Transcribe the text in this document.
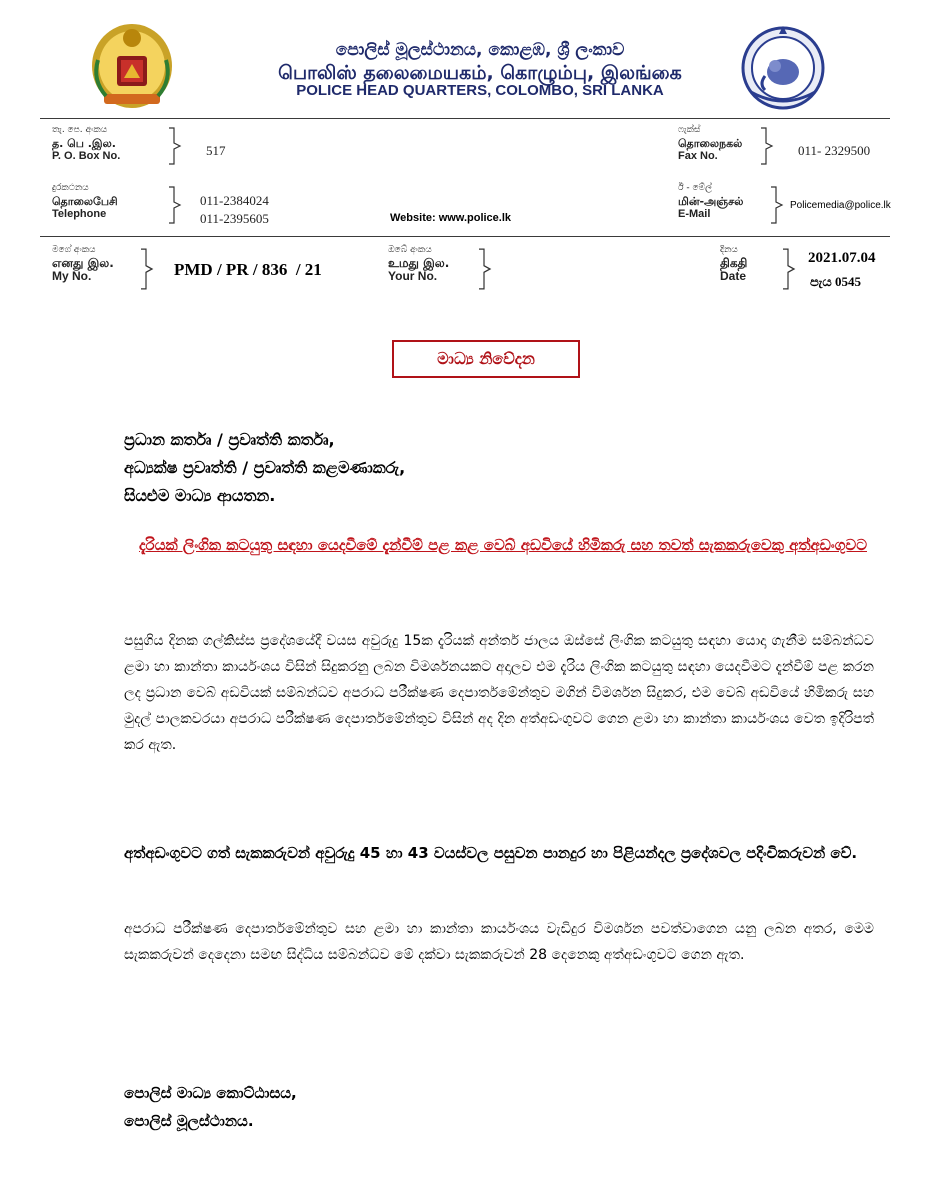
පොලිස් මූලස්ථානය, කොළඹ, ශ්‍රී ලංකාව
பொலிஸ் தலைமையகம், கொழும்பு, இலங்கை
POLICE HEAD QUARTERS, COLOMBO, SRI LANKA
තැ. පෙ. අංකය
த. பெ .இல.
P. O. Box No.	517
ෆැක්ස්
தொலைநகல்
Fax No.	011- 2329500
දුරකථනය
தொலைபேசி
Telephone
011-2384024
011-2395605	Website: www.police.lk
ඊ - මේල්
மின்-அஞ்சல்
E-Mail
Policemedia@police.lk
මගේ අංකය
எனது இல.
My No.	PMD / PR / 836  / 21
ඔබේ අංකය
உமது இல.
Your No.
දිනය
திகதி
Date
2021.07.04
පැය 0545
මාධ්‍ය නිවේදන
ප්‍රධාන කර්තෘ / ප්‍රවෘත්ති කර්තෘ,
අධ්‍යක්ෂ ප්‍රවෘත්ති / ප්‍රවෘත්ති කළමණාකරු,
සියළුම මාධ්‍ය ආයතන.
දැරියක් ලිංගික කටයුතු සඳහා යෙදවීමේ දැන්වීම් පළ කළ වෙබ් අඩවියේ හිමිකරු සහ තවත් සැකකරුවෙකු අත්අඩංගුවට
පසුගිය දිනක ගල්කිස්ස ප්‍රදේශයේදී වයස අවුරුදු 15ක දැරියක් අන්තර් ජාලය ඔස්සේ ලිංගික කටයුතු සඳහා යොදා ගැනීම සම්බන්ධව ළමා හා කාන්තා කාර්යංශය විසින් සිදුකරනු ලබන විමර්ශනයකට අදාලව එම දැරිය ලිංගික කටයුතු සඳහා යෙදවීමට දැන්වීම් පළ කරන ලද ප්‍රධාන වෙබ් අඩවියක් සම්බන්ධව අපරාධ පරීක්ෂණ දෙපාර්තමේන්තුව මගින් විමර්ශන සිදුකර, එම වෙබ් අඩවියේ හිමිකරු සහ මුදල් පාලකවරයා අපරාධ පරීක්ෂණ දෙපාර්තමේන්තුව විසින් අද දින අත්අඩංගුවට ගෙන ළමා හා කාන්තා කාර්යංශය වෙත ඉදිරිපත් කර ඇත.
අත්අඩංගුවට ගත් සැකකරුවන් අවුරුදු 45 හා 43 වයස්වල පසුවන පානදුර හා පිළියන්දල ප්‍රදේශවල පදිංචිකරුවන් වේ.
අපරාධ පරීක්ෂණ දෙපාර්තමේන්තුව සහ ළමා හා කාන්තා කාර්යංශය වැඩිදුර විමර්ශන පවත්වාගෙන යනු ලබන අතර, මෙම සැකකරුවන් දෙදෙනා සමඟ සිද්ධිය සම්බන්ධව මේ දක්වා සැකකරුවන් 28 දෙනෙකු අත්අඩංගුවට ගෙන ඇත.
පොලිස් මාධ්‍ය කොට්ඨාසය,
පොලිස් මූලස්ථානය.
